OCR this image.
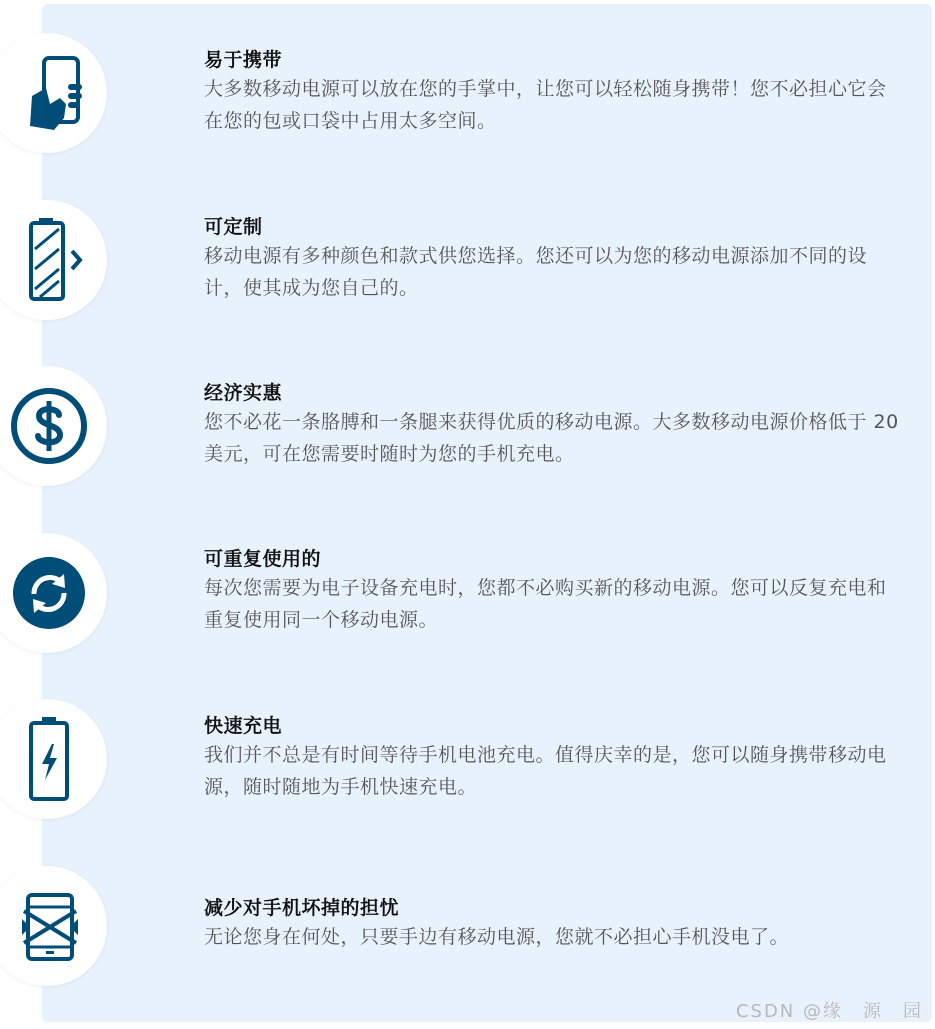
易于携带
大多数移动电源可以放在您的手掌中，让您可以轻松随身携带！您不必担心它会在您的包或口袋中占用太多空间。
可定制
移动电源有多种颜色和款式供您选择。您还可以为您的移动电源添加不同的设计，使其成为您自己的。
经济实惠
您不必花一条胳膊和一条腿来获得优质的移动电源。大多数移动电源价格低于 20 美元，可在您需要时随时为您的手机充电。
可重复使用的
每次您需要为电子设备充电时，您都不必购买新的移动电源。您可以反复充电和重复使用同一个移动电源。
快速充电
我们并不总是有时间等待手机电池充电。值得庆幸的是，您可以随身携带移动电源，随时随地为手机快速充电。
减少对手机坏掉的担忧
无论您身在何处，只要手边有移动电源，您就不必担心手机没电了。
CSDN @缘　源　园
